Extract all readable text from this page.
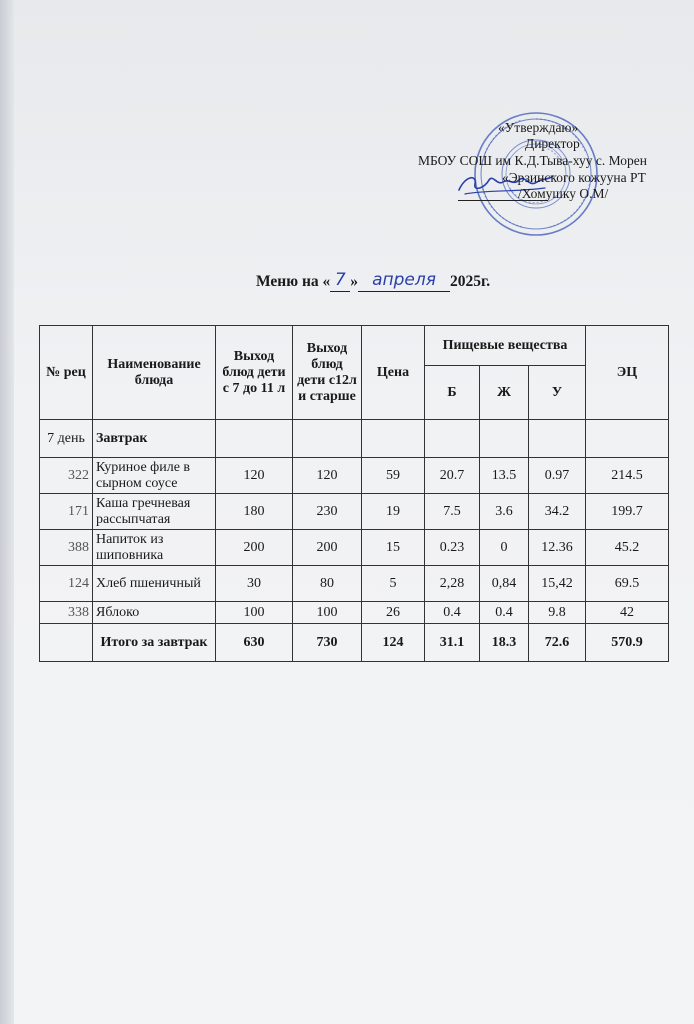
«Утверждаю»
Директор
МБОУ СОШ им К.Д.Тыва-хуу с. Морен
«Эрзинского кожууна РТ
/Хомушку О.М/
Меню на « 7 » апреля 2025г.
№ рец	Наименование блюда	Выход блюд дети с 7 до 11 л	Выход блюд дети с12л и старше	Цена	Пищевые вещества			ЭЦ
					Б	Ж	У	
7 день	Завтрак							
322	Куриное филе в сырном соусе	120	120	59	20.7	13.5	0.97	214.5
171	Каша гречневая рассыпчатая	180	230	19	7.5	3.6	34.2	199.7
388	Напиток из шиповника	200	200	15	0.23	0	12.36	45.2
124	Хлеб пшеничный	30	80	5	2,28	0,84	15,42	69.5
338	Яблоко	100	100	26	0.4	0.4	9.8	42
	Итого за завтрак	630	730	124	31.1	18.3	72.6	570.9
